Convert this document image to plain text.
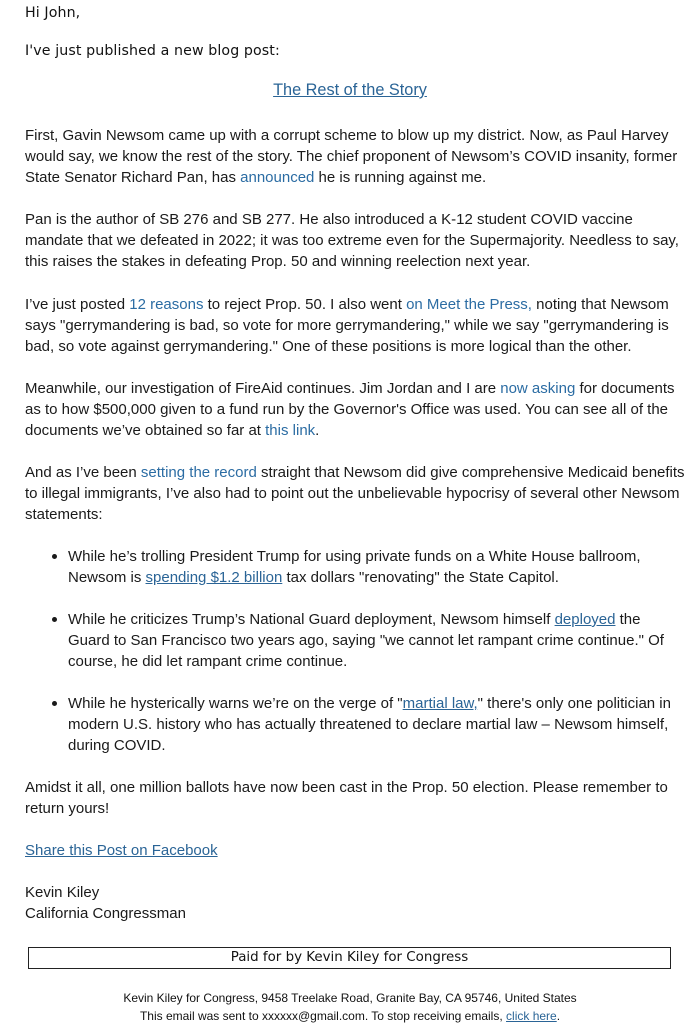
Hi John,
I've just published a new blog post:
The Rest of the Story

First, Gavin Newsom came up with a corrupt scheme to blow up my district. Now, as Paul Harvey would say, we know the rest of the story. The chief proponent of Newsom’s COVID insanity, former State Senator Richard Pan, has announced he is running against me.

Pan is the author of SB 276 and SB 277. He also introduced a K-12 student COVID vaccine mandate that we defeated in 2022; it was too extreme even for the Supermajority. Needless to say, this raises the stakes in defeating Prop. 50 and winning reelection next year.

I’ve just posted 12 reasons to reject Prop. 50. I also went on Meet the Press, noting that Newsom says "gerrymandering is bad, so vote for more gerrymandering," while we say "gerrymandering is bad, so vote against gerrymandering." One of these positions is more logical than the other.

Meanwhile, our investigation of FireAid continues. Jim Jordan and I are now asking for documents as to how $500,000 given to a fund run by the Governor's Office was used. You can see all of the documents we’ve obtained so far at this link.

And as I’ve been setting the record straight that Newsom did give comprehensive Medicaid benefits to illegal immigrants, I’ve also had to point out the unbelievable hypocrisy of several other Newsom statements:

While he’s trolling President Trump for using private funds on a White House ballroom, Newsom is spending $1.2 billion tax dollars "renovating" the State Capitol.
While he criticizes Trump’s National Guard deployment, Newsom himself deployed the Guard to San Francisco two years ago, saying "we cannot let rampant crime continue." Of course, he did let rampant crime continue.
While he hysterically warns we’re on the verge of "martial law," there's only one politician in modern U.S. history who has actually threatened to declare martial law – Newsom himself, during COVID.

Amidst it all, one million ballots have now been cast in the Prop. 50 election. Please remember to return yours!

Share this Post on Facebook

Kevin Kiley
California Congressman

Paid for by Kevin Kiley for Congress
Kevin Kiley for Congress, 9458 Treelake Road, Granite Bay, CA 95746, United States
This email was sent to xxxxxx@gmail.com. To stop receiving emails, click here.
